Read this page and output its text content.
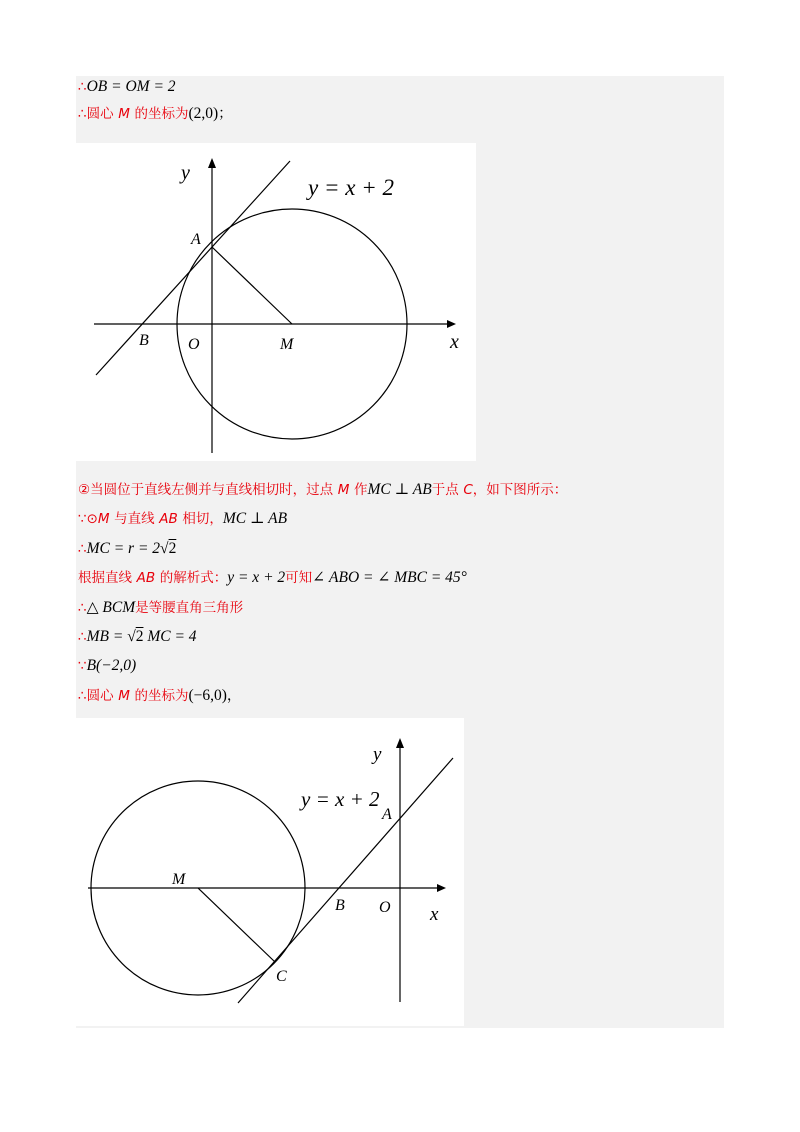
∴OB = OM = 2
∴圆心 M 的坐标为(2,0)；
y
x
A
B O	M
y = x + 2
②当圆位于直线左侧并与直线相切时，过点 M 作MC ⊥ AB于点 C，如下图所示：
∵⊙M 与直线 AB 相切，MC ⊥ AB
∴MC = r = 2√2
根据直线 AB 的解析式：y = x + 2可知∠ ABO = ∠ MBC = 45°
∴△ BCM是等腰直角三角形
∴MB = √2 MC = 4
∵B(−2,0)
∴圆心 M 的坐标为(−6,0)，
y
x
A
B O
M
C
y = x + 2
